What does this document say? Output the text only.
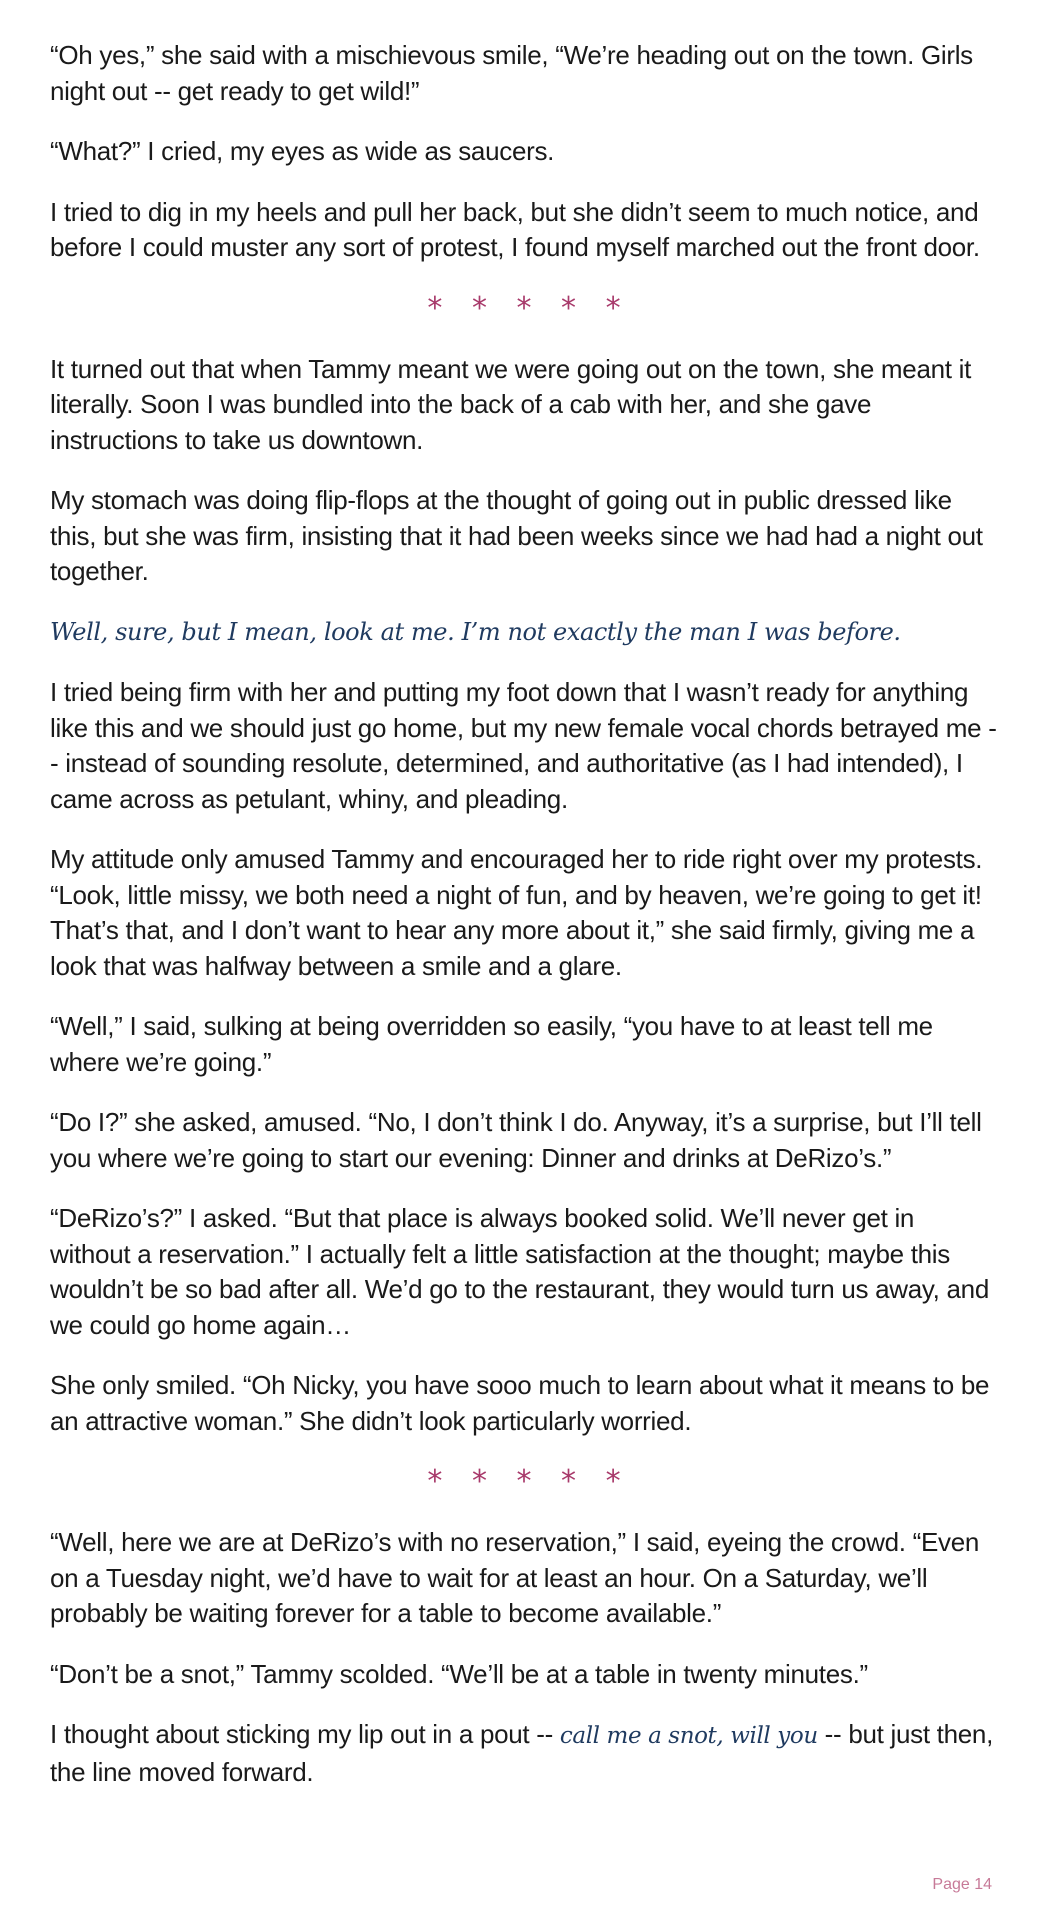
“Oh yes,” she said with a mischievous smile, “We’re heading out on the town. Girls night out -- get ready to get wild!”

“What?” I cried, my eyes as wide as saucers.

I tried to dig in my heels and pull her back, but she didn’t seem to much notice, and before I could muster any sort of protest, I found myself marched out the front door.

* * * * *

It turned out that when Tammy meant we were going out on the town, she meant it literally. Soon I was bundled into the back of a cab with her, and she gave instructions to take us downtown.

My stomach was doing flip-flops at the thought of going out in public dressed like this, but she was firm, insisting that it had been weeks since we had had a night out together.

Well, sure, but I mean, look at me. I’m not exactly the man I was before.

I tried being firm with her and putting my foot down that I wasn’t ready for anything like this and we should just go home, but my new female vocal chords betrayed me -- instead of sounding resolute, determined, and authoritative (as I had intended), I came across as petulant, whiny, and pleading.

My attitude only amused Tammy and encouraged her to ride right over my protests. “Look, little missy, we both need a night of fun, and by heaven, we’re going to get it! That’s that, and I don’t want to hear any more about it,” she said firmly, giving me a look that was halfway between a smile and a glare.

“Well,” I said, sulking at being overridden so easily, “you have to at least tell me where we’re going.”

“Do I?” she asked, amused. “No, I don’t think I do. Anyway, it’s a surprise, but I’ll tell you where we’re going to start our evening: Dinner and drinks at DeRizo’s.”

“DeRizo’s?” I asked. “But that place is always booked solid. We’ll never get in without a reservation.” I actually felt a little satisfaction at the thought; maybe this wouldn’t be so bad after all. We’d go to the restaurant, they would turn us away, and we could go home again…

She only smiled. “Oh Nicky, you have sooo much to learn about what it means to be an attractive woman.” She didn’t look particularly worried.

* * * * *

“Well, here we are at DeRizo’s with no reservation,” I said, eyeing the crowd. “Even on a Tuesday night, we’d have to wait for at least an hour. On a Saturday, we’ll probably be waiting forever for a table to become available.”

“Don’t be a snot,” Tammy scolded. “We’ll be at a table in twenty minutes.”

I thought about sticking my lip out in a pout -- call me a snot, will you -- but just then, the line moved forward.

Page 14
